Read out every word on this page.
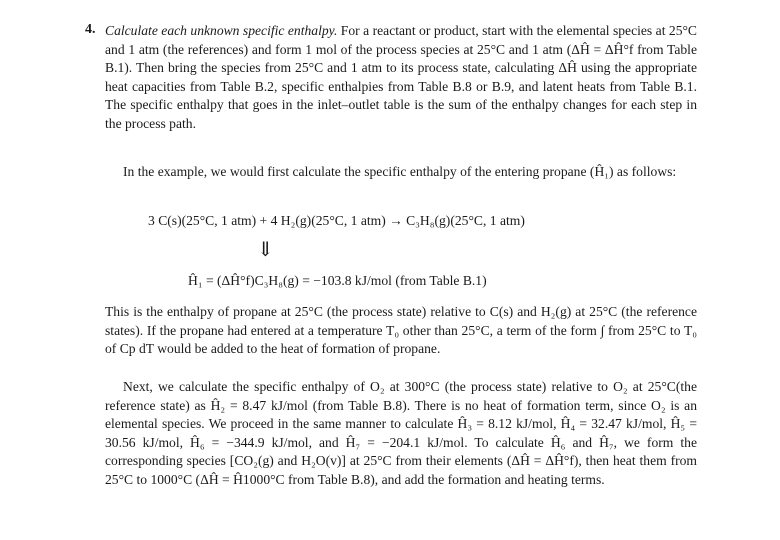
4. Calculate each unknown specific enthalpy. For a reactant or product, start with the elemental species at 25°C and 1 atm (the references) and form 1 mol of the process species at 25°C and 1 atm (ΔĤ = ΔĤ°f from Table B.1). Then bring the species from 25°C and 1 atm to its process state, calculating ΔĤ using the appropriate heat capacities from Table B.2, specific enthalpies from Table B.8 or B.9, and latent heats from Table B.1. The specific enthalpy that goes in the inlet–outlet table is the sum of the enthalpy changes for each step in the process path.

In the example, we would first calculate the specific enthalpy of the entering propane (Ĥ₁) as follows:

3 C(s)(25°C, 1 atm) + 4 H₂(g)(25°C, 1 atm) → C₃H₈(g)(25°C, 1 atm)
⇓
Ĥ₁ = (ΔĤ°f)C₃H₈(g) = −103.8 kJ/mol (from Table B.1)

This is the enthalpy of propane at 25°C (the process state) relative to C(s) and H₂(g) at 25°C (the reference states). If the propane had entered at a temperature T₀ other than 25°C, a term of the form ∫ from 25°C to T₀ of Cp dT would be added to the heat of formation of propane.

Next, we calculate the specific enthalpy of O₂ at 300°C (the process state) relative to O₂ at 25°C(the reference state) as Ĥ₂ = 8.47 kJ/mol (from Table B.8). There is no heat of formation term, since O₂ is an elemental species. We proceed in the same manner to calculate Ĥ₃ = 8.12 kJ/mol, Ĥ₄ = 32.47 kJ/mol, Ĥ₅ = 30.56 kJ/mol, Ĥ₆ = −344.9 kJ/mol, and Ĥ₇ = −204.1 kJ/mol. To calculate Ĥ₆ and Ĥ₇, we form the corresponding species [CO₂(g) and H₂O(v)] at 25°C from their elements (ΔĤ = ΔĤ°f), then heat them from 25°C to 1000°C (ΔĤ = Ĥ1000°C from Table B.8), and add the formation and heating terms.
